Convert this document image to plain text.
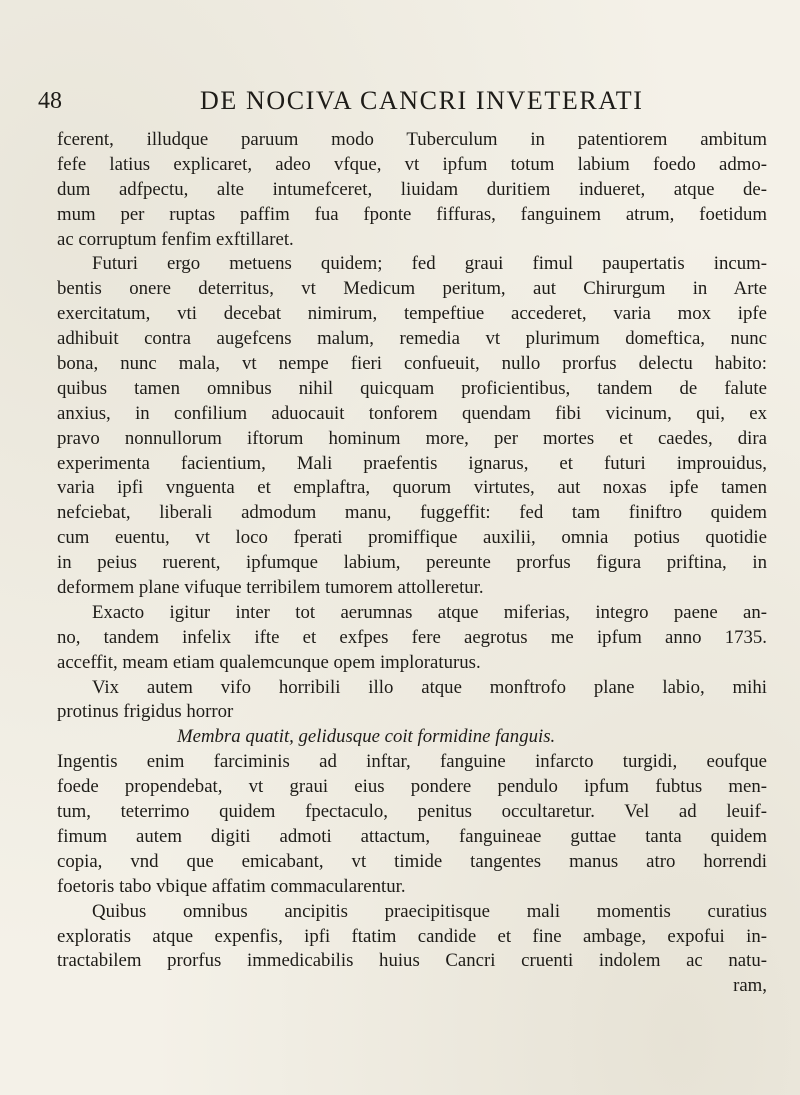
48	DE NOCIVA CANCRI INVETERATI
fcerent, illudque paruum modo Tuberculum in patentiorem ambitum
fefe latius explicaret, adeo vfque, vt ipfum totum labium foedo admo-
dum adfpectu, alte intumefceret, liuidam duritiem indueret, atque de-
mum per ruptas paffim fua fponte fiffuras, fanguinem atrum, foetidum
ac corruptum fenfim exftillaret.
Futuri ergo metuens quidem; fed graui fimul paupertatis incum-
bentis onere deterritus, vt Medicum peritum, aut Chirurgum in Arte
exercitatum, vti decebat nimirum, tempeftiue accederet, varia mox ipfe
adhibuit contra augefcens malum, remedia vt plurimum domeftica, nunc
bona, nunc mala, vt nempe fieri confueuit, nullo prorfus delectu habito:
quibus tamen omnibus nihil quicquam proficientibus, tandem de falute
anxius, in confilium aduocauit tonforem quendam fibi vicinum, qui, ex
pravo nonnullorum iftorum hominum more, per mortes et caedes, dira
experimenta facientium, Mali praefentis ignarus, et futuri improuidus,
varia ipfi vnguenta et emplaftra, quorum virtutes, aut noxas ipfe tamen
nefciebat, liberali admodum manu, fuggeffit: fed tam finiftro quidem
cum euentu, vt loco fperati promiffique auxilii, omnia potius quotidie
in peius ruerent, ipfumque labium, pereunte prorfus figura priftina, in
deformem plane vifuque terribilem tumorem attolleretur.
Exacto igitur inter tot aerumnas atque miferias, integro paene an-
no, tandem infelix ifte et exfpes fere aegrotus me ipfum anno 1735.
acceffit, meam etiam qualemcunque opem imploraturus.
Vix autem vifo horribili illo atque monftrofo plane labio, mihi
protinus frigidus horror
Membra quatit, gelidusque coit formidine fanguis.
Ingentis enim farciminis ad inftar, fanguine infarcto turgidi, eoufque
foede propendebat, vt graui eius pondere pendulo ipfum fubtus men-
tum, teterrimo quidem fpectaculo, penitus occultaretur. Vel ad leuif-
fimum autem digiti admoti attactum, fanguineae guttae tanta quidem
copia, vnd que emicabant, vt timide tangentes manus atro horrendi
foetoris tabo vbique affatim commacularentur.
Quibus omnibus ancipitis praecipitisque mali momentis curatius
exploratis atque expenfis, ipfi ftatim candide et fine ambage, expofui in-
tractabilem prorfus immedicabilis huius Cancri cruenti indolem ac natu-
ram,
